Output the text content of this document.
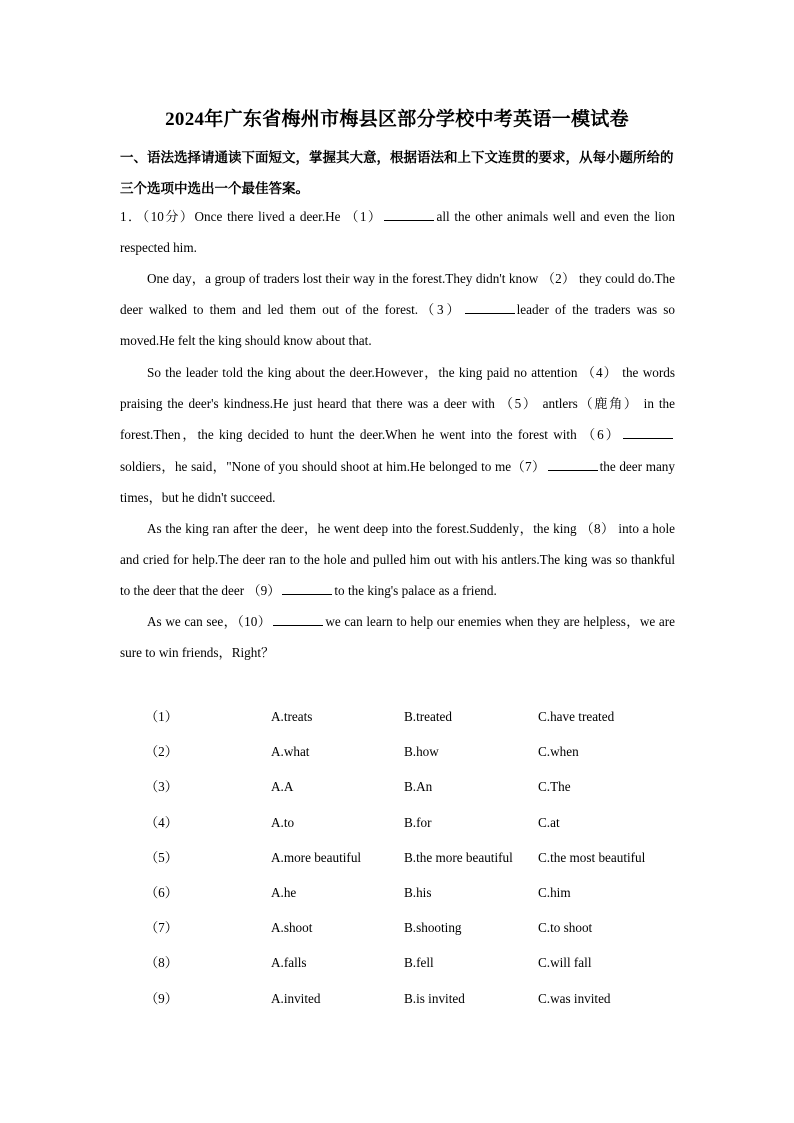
2024年广东省梅州市梅县区部分学校中考英语一模试卷
一、语法选择请通读下面短文，掌握其大意，根据语法和上下文连贯的要求，从每小题所给的三个选项中选出一个最佳答案。
1．（10分）Once there lived a deer.He （1）	all the other animals well and even the lion respected him.
One day，a group of traders lost their way in the forest.They didn't know （2） they could do.The deer walked to them and led them out of the forest.（3）	leader of the traders was so moved.He felt the king should know about that.
So the leader told the king about the deer.However，the king paid no attention （4） the words praising the deer's kindness.He just heard that there was a deer with （5） antlers（鹿角） in the forest.Then，the king decided to hunt the deer.When he went into the forest with （6）soldiers，he said，"None of you should shoot at him.He belonged to me（7）	the deer many times，but he didn't succeed.
As the king ran after the deer，he went deep into the forest.Suddenly，the king （8） into a hole and cried for help.The deer ran to the hole and pulled him out with his antlers.The king was so thankful to the deer that the deer （9）	to the king's palace as a friend.
As we can see，（10）	we can learn to help our enemies when they are helpless，we are sure to win friends，Right？
（1）	A.treats	B.treated	C.have treated
（2）	A.what	B.how	C.when
（3）	A.A	B.An	C.The
（4）	A.to	B.for	C.at
（5）	A.more beautiful	B.the more beautiful C.the most beautiful
（6）	A.he	B.his	C.him
（7）	A.shoot	B.shooting	C.to shoot
（8）	A.falls	B.fell	C.will fall
（9）	A.invited	B.is invited	C.was invited
